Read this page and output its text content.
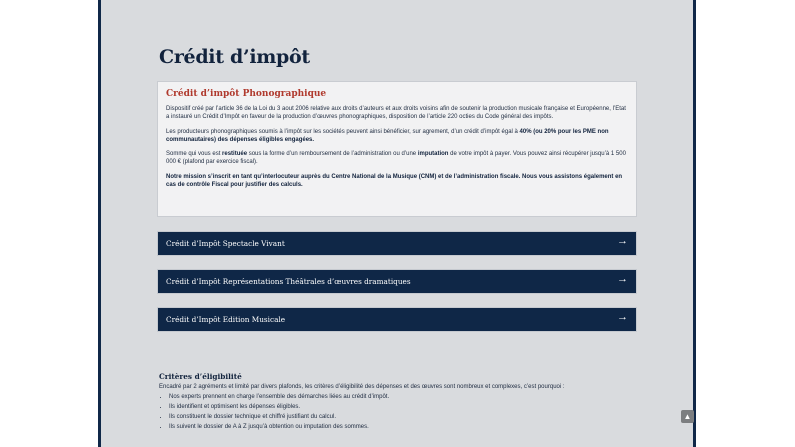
Crédit d’impôt
Crédit d’impôt Phonographique

Dispositif créé par l’article 36 de la Loi du 3 aout 2006 relative aux droits d’auteurs et aux droits voisins afin de soutenir la production musicale française et Européenne, l’Etat a instauré un Crédit d’Impôt en faveur de la production d’œuvres phonographiques, disposition de l’article 220 octies du Code général des impôts.

Les producteurs phonographiques soumis à l’impôt sur les sociétés peuvent ainsi bénéficier, sur agrement, d’un crédit d’impôt égal à 40% (ou 20% pour les PME non communautaires) des dépenses éligibles engagées.

Somme qui vous est restituée sous la forme d’un remboursement de l’administration ou d’une imputation de votre impôt à payer. Vous pouvez ainsi récupérer jusqu’à 1 500 000 € (plafond par exercice fiscal).

Notre mission s’inscrit en tant qu’interlocuteur auprès du Centre National de la Musique (CNM) et de l’administration fiscale. Nous vous assistons également en cas de contrôle Fiscal pour justifier des calculs.

Crédit d’Impôt Spectacle Vivant	→
Crédit d’Impôt Représentations Théâtrales d’œuvres dramatiques	→
Crédit d’Impôt Edition Musicale	→
Critères d’éligibilité

Encadré par 2 agréments et limité par divers plafonds, les critères d’éligibilité des dépenses et des œuvres sont nombreux et complexes, c’est pourquoi :

• Nos experts prennent en charge l’ensemble des démarches liées au crédit d’impôt.
• Ils identifient et optimisent les dépenses éligibles.
• Ils constituent le dossier technique et chiffré justifiant du calcul.
• Ils suivent le dossier de A à Z jusqu’à obtention ou imputation des sommes.
▲
